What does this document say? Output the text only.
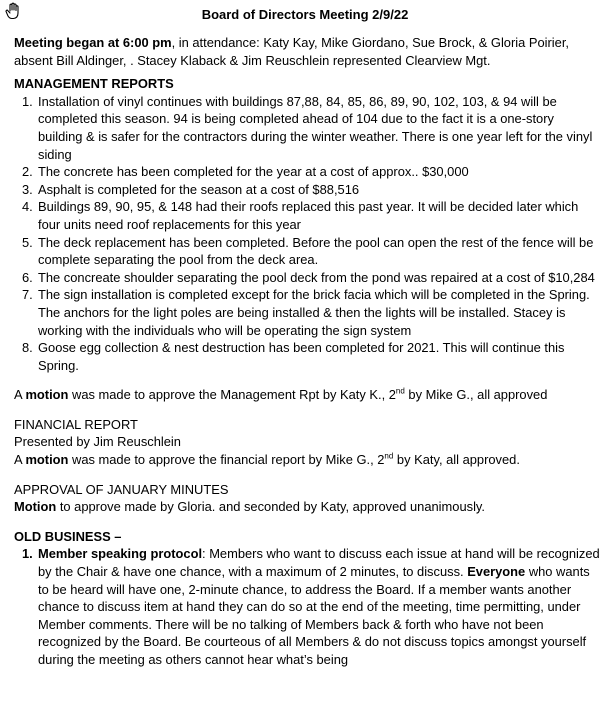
Board of Directors Meeting 2/9/22

Meeting began at 6:00 pm, in attendance: Katy Kay, Mike Giordano, Sue Brock, & Gloria Poirier, absent Bill Aldinger, . Stacey Klaback & Jim Reuschlein represented Clearview Mgt.

MANAGEMENT REPORTS

1. Installation of vinyl continues with buildings 87,88, 84, 85, 86, 89, 90, 102, 103, & 94 will be completed this season. 94 is being completed ahead of 104 due to the fact it is a one-story building & is safer for the contractors during the winter weather. There is one year left for the vinyl siding
2. The concrete has been completed for the year at a cost of approx.. $30,000
3. Asphalt is completed for the season at a cost of $88,516
4. Buildings 89, 90, 95, & 148 had their roofs replaced this past year. It will be decided later which four units need roof replacements for this year
5. The deck replacement has been completed. Before the pool can open the rest of the fence will be complete separating the pool from the deck area.
6. The concreate shoulder separating the pool deck from the pond was repaired at a cost of $10,284
7. The sign installation is completed except for the brick facia which will be completed in the Spring. The anchors for the light poles are being installed & then the lights will be installed. Stacey is working with the individuals who will be operating the sign system
8. Goose egg collection & nest destruction has been completed for 2021. This will continue this Spring.

A motion was made to approve the Management Rpt by Katy K., 2nd by Mike G., all approved

FINANCIAL REPORT

Presented by Jim Reuschlein

A motion was made to approve the financial report by Mike G., 2nd by Katy, all approved.

APPROVAL OF JANUARY MINUTES

Motion to approve made by Gloria. and seconded by Katy, approved unanimously.

OLD BUSINESS –

1. Member speaking protocol: Members who want to discuss each issue at hand will be recognized by the Chair & have one chance, with a maximum of 2 minutes, to discuss. Everyone who wants to be heard will have one, 2-minute chance, to address the Board. If a member wants another chance to discuss item at hand they can do so at the end of the meeting, time permitting, under Member comments. There will be no talking of Members back & forth who have not been recognized by the Board. Be courteous of all Members & do not discuss topics amongst yourself during the meeting as others cannot hear what’s being
